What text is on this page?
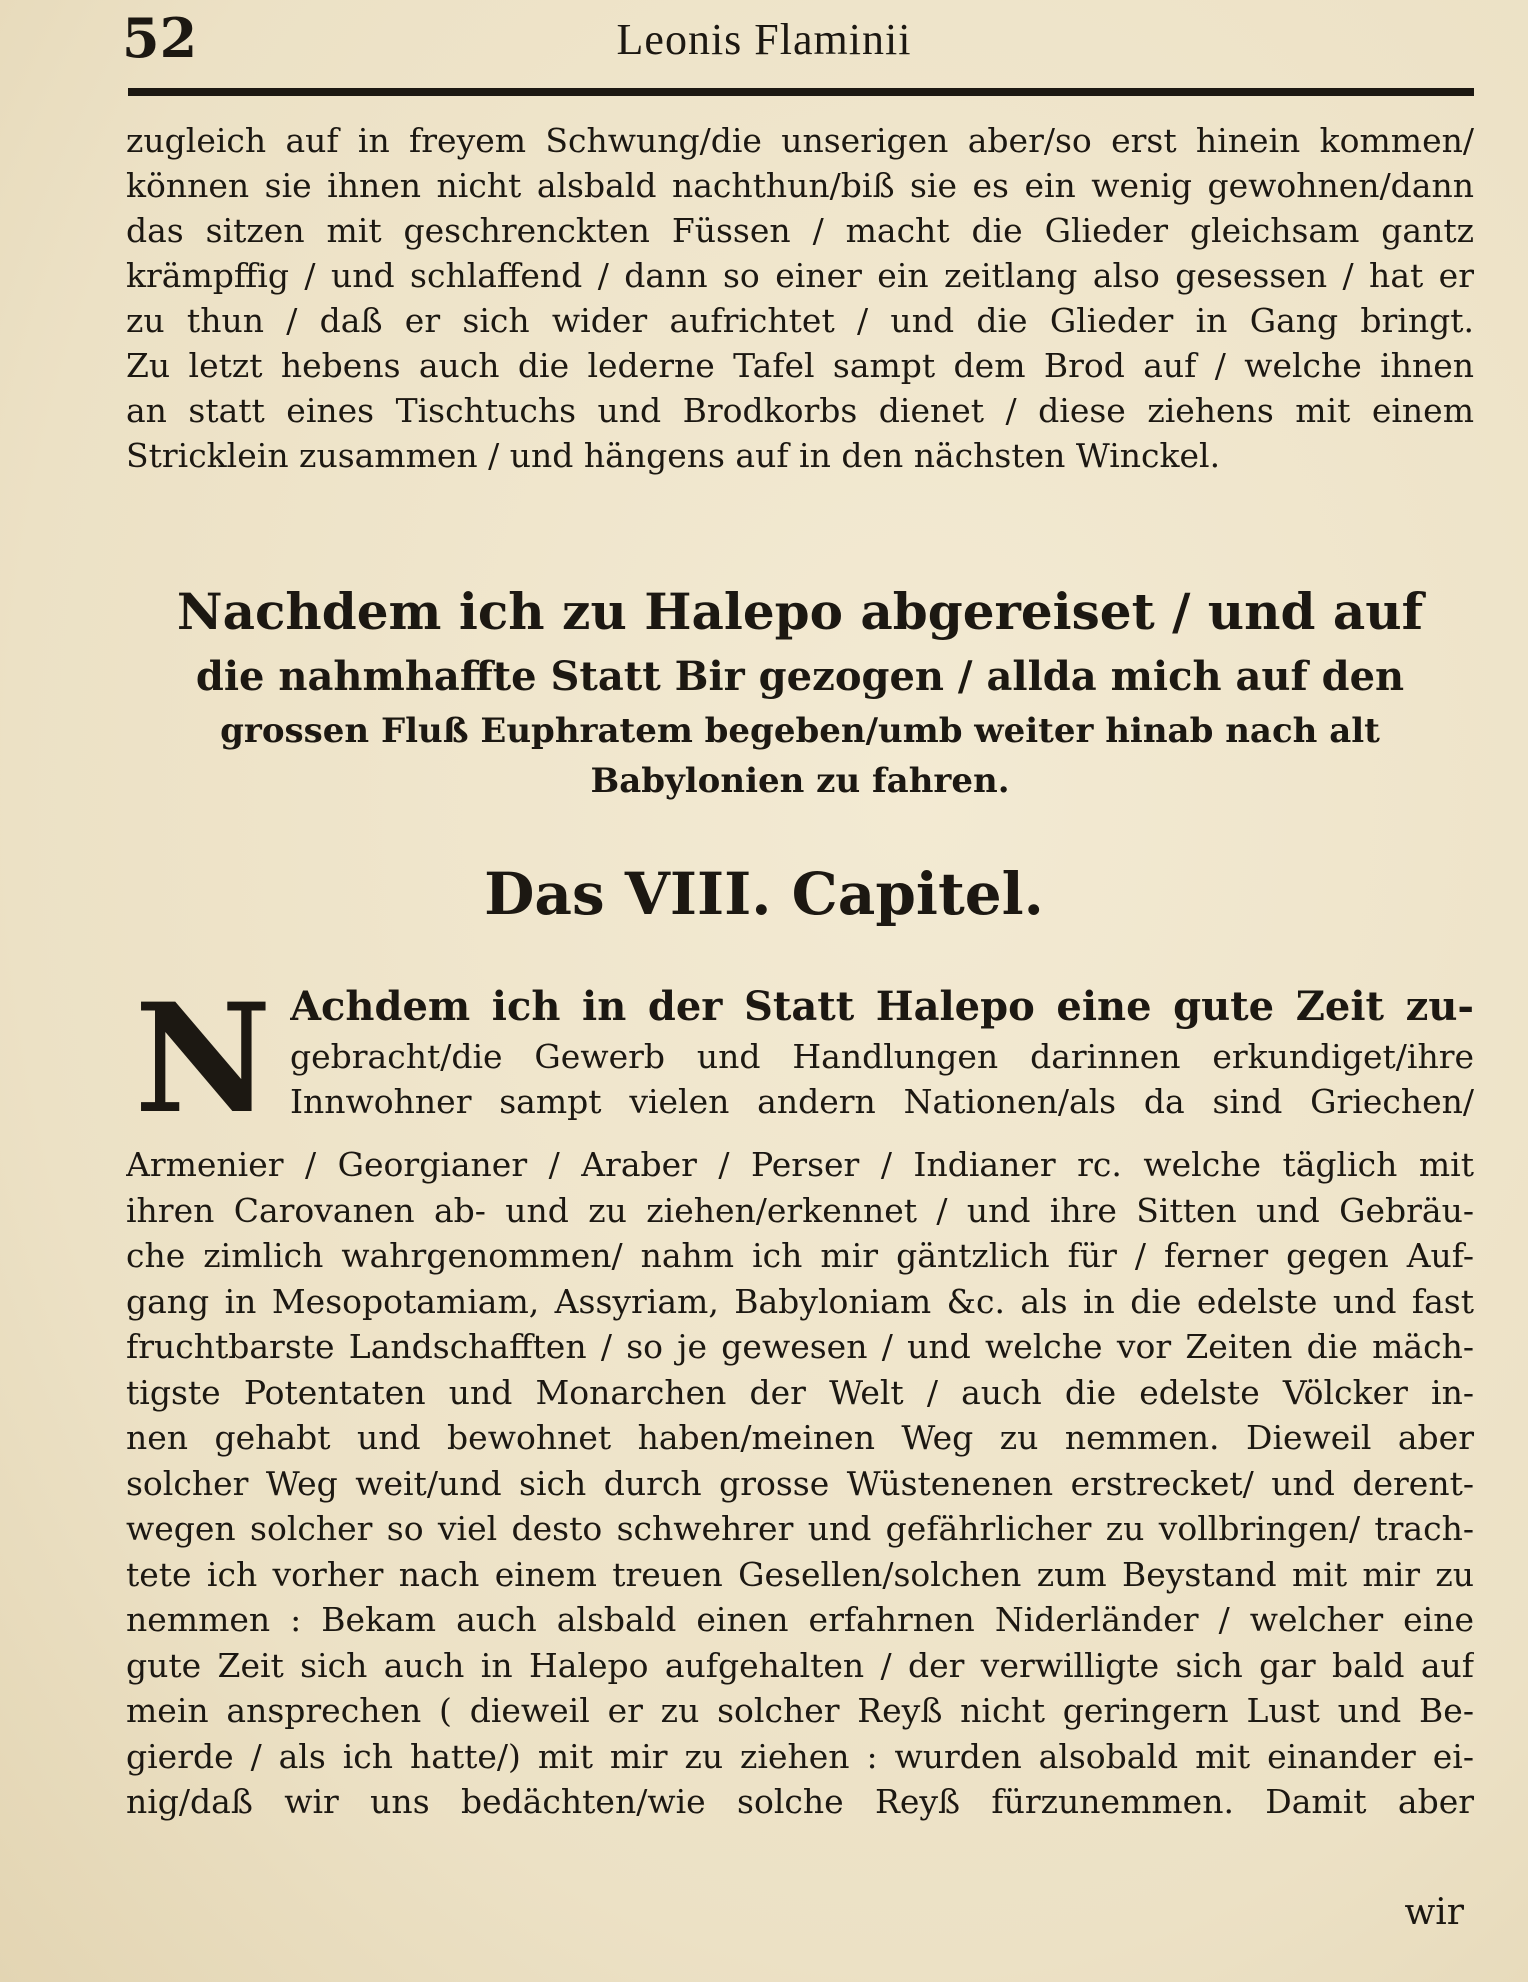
52	Leonis Flaminii
zugleich auf in freyem Schwung/die unserigen aber/so erst hinein kommen/
können sie ihnen nicht alsbald nachthun/biß sie es ein wenig gewohnen/dann
das sitzen mit geschrenckten Füssen / macht die Glieder gleichsam gantz
krämpffig / und schlaffend / dann so einer ein zeitlang also gesessen / hat er
zu thun / daß er sich wider aufrichtet / und die Glieder in Gang bringt.
Zu letzt hebens auch die lederne Tafel sampt dem Brod auf / welche ihnen
an statt eines Tischtuchs und Brodkorbs dienet / diese ziehens mit einem
Stricklein zusammen / und hängens auf in den nächsten Winckel.
Nachdem ich zu Halepo abgereiset / und auf
die nahmhaffte Statt Bir gezogen / allda mich auf den
grossen Fluß Euphratem begeben/umb weiter hinab nach alt
Babylonien zu fahren.
Das VIII. Capitel.
N Achdem ich in der Statt Halepo eine gute Zeit zu-
gebracht/die Gewerb und Handlungen darinnen erkundiget/ihre
Innwohner sampt vielen andern Nationen/als da sind Griechen/
Armenier / Georgianer / Araber / Perser / Indianer rc. welche täglich mit
ihren Carovanen ab- und zu ziehen/erkennet / und ihre Sitten und Gebräu-
che zimlich wahrgenommen/ nahm ich mir gäntzlich für / ferner gegen Auf-
gang in Mesopotamiam, Assyriam, Babyloniam &c. als in die edelste und fast
fruchtbarste Landschafften / so je gewesen / und welche vor Zeiten die mäch-
tigste Potentaten und Monarchen der Welt / auch die edelste Völcker in-
nen gehabt und bewohnet haben/meinen Weg zu nemmen. Dieweil aber
solcher Weg weit/und sich durch grosse Wüstenenen erstrecket/ und derent-
wegen solcher so viel desto schwehrer und gefährlicher zu vollbringen/ trach-
tete ich vorher nach einem treuen Gesellen/solchen zum Beystand mit mir zu
nemmen : Bekam auch alsbald einen erfahrnen Niderländer / welcher eine
gute Zeit sich auch in Halepo aufgehalten / der verwilligte sich gar bald auf
mein ansprechen ( dieweil er zu solcher Reyß nicht geringern Lust und Be-
gierde / als ich hatte/) mit mir zu ziehen : wurden alsobald mit einander ei-
nig/daß wir uns bedächten/wie solche Reyß fürzunemmen. Damit aber
wir
